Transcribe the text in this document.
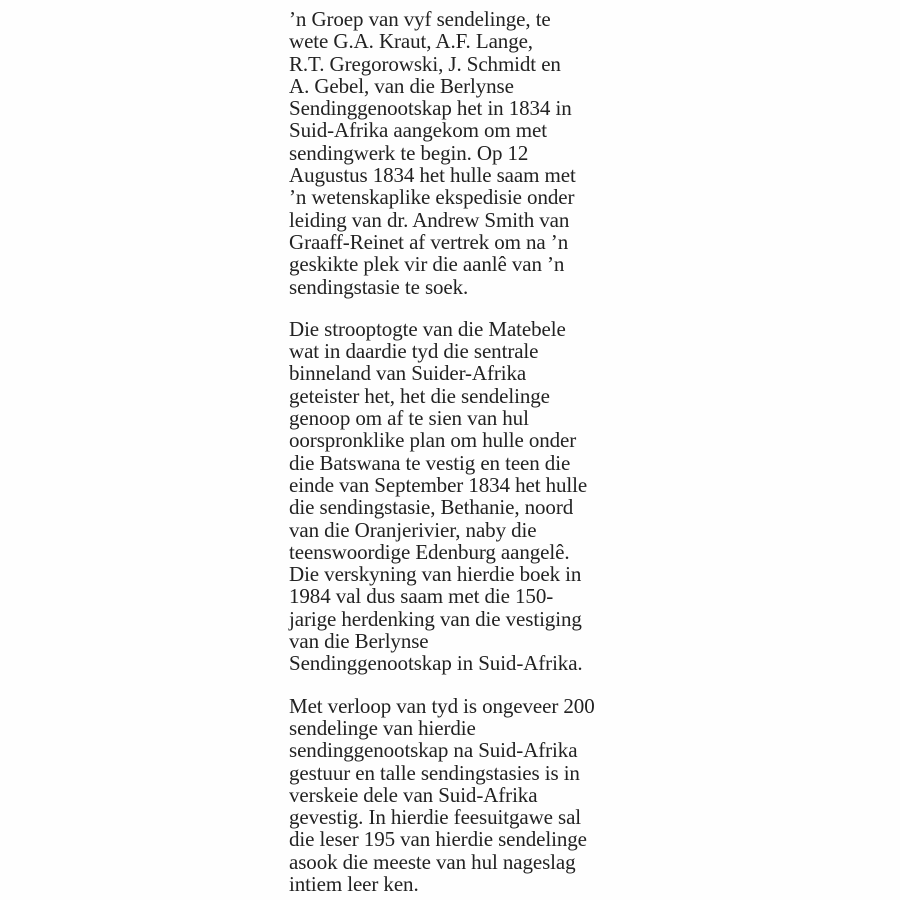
’n Groep van vyf sendelinge, te
wete G.A. Kraut, A.F. Lange,
R.T. Gregorowski, J. Schmidt en
A. Gebel, van die Berlynse
Sendinggenootskap het in 1834 in
Suid-Afrika aangekom om met
sendingwerk te begin. Op 12
Augustus 1834 het hulle saam met
’n wetenskaplike ekspedisie onder
leiding van dr. Andrew Smith van
Graaff-Reinet af vertrek om na ’n
geskikte plek vir die aanlê van ’n
sendingstasie te soek.
Die strooptogte van die Matebele
wat in daardie tyd die sentrale
binneland van Suider-Afrika
geteister het, het die sendelinge
genoop om af te sien van hul
oorspronklike plan om hulle onder
die Batswana te vestig en teen die
einde van September 1834 het hulle
die sendingstasie, Bethanie, noord
van die Oranjerivier, naby die
teenswoordige Edenburg aangelê.
Die verskyning van hierdie boek in
1984 val dus saam met die 150-
jarige herdenking van die vestiging
van die Berlynse
Sendinggenootskap in Suid-Afrika.
Met verloop van tyd is ongeveer 200
sendelinge van hierdie
sendinggenootskap na Suid-Afrika
gestuur en talle sendingstasies is in
verskeie dele van Suid-Afrika
gevestig. In hierdie feesuitgawe sal
die leser 195 van hierdie sendelinge
asook die meeste van hul nageslag
intiem leer ken.
